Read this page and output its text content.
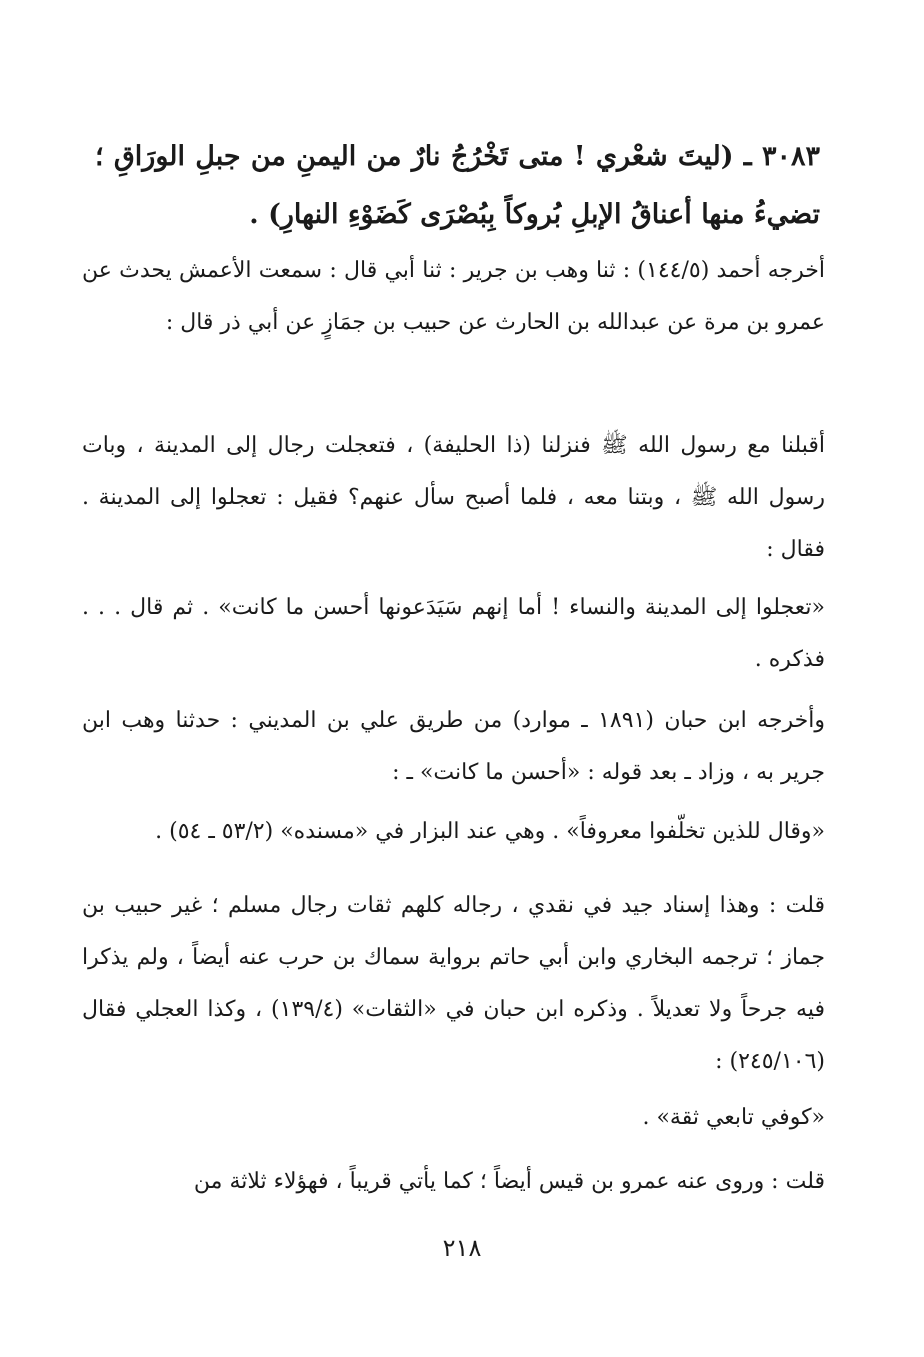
٣٠٨٣ ـ (ليتَ شعْري ! متى تَخْرُجُ نارٌ من اليمنِ من جبلِ الورَاقِ ؛ تضيءُ منها أعناقُ الإبلِ بُروكاً بِبُصْرَى كَضَوْءِ النهارِ) .

أخرجه أحمد (١٤٤/٥) : ثنا وهب بن جرير : ثنا أبي قال : سمعت الأعمش يحدث عن عمرو بن مرة عن عبدالله بن الحارث عن حبيب بن جمَازٍ عن أبي ذر قال :

أقبلنا مع رسول الله ﷺ فنزلنا (ذا الحليفة) ، فتعجلت رجال إلى المدينة ، وبات رسول الله ﷺ ، وبتنا معه ، فلما أصبح سأل عنهم؟ فقيل : تعجلوا إلى المدينة . فقال :

«تعجلوا إلى المدينة والنساء ! أما إنهم سَيَدَعونها أحسن ما كانت» . ثم قال . . . فذكره .

وأخرجه ابن حبان (١٨٩١ ـ موارد) من طريق علي بن المديني : حدثنا وهب ابن جرير به ، وزاد ـ بعد قوله : «أحسن ما كانت» ـ :

«وقال للذين تخلّفوا معروفاً» . وهي عند البزار في «مسنده» (٥٣/٢ ـ ٥٤) .

قلت : وهذا إسناد جيد في نقدي ، رجاله كلهم ثقات رجال مسلم ؛ غير حبيب بن جماز ؛ ترجمه البخاري وابن أبي حاتم برواية سماك بن حرب عنه أيضاً ، ولم يذكرا فيه جرحاً ولا تعديلاً . وذكره ابن حبان في «الثقات» (١٣٩/٤) ، وكذا العجلي فقال (٢٤٥/١٠٦) :

«كوفي تابعي ثقة» .

قلت : وروى عنه عمرو بن قيس أيضاً ؛ كما يأتي قريباً ، فهؤلاء ثلاثة من

٢١٨
